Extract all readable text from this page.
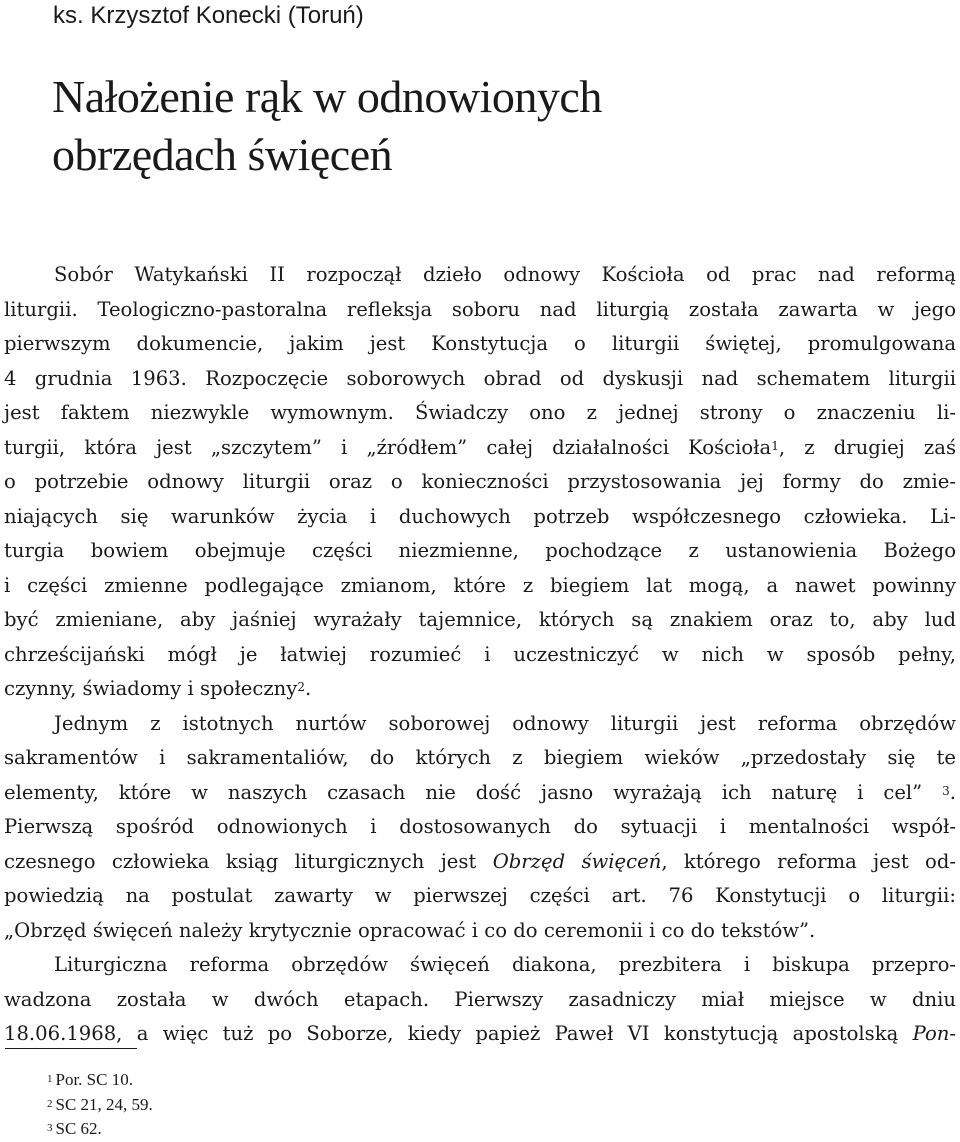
ks. Krzysztof Konecki (Toruń)
Nałożenie rąk w odnowionych
obrzędach święceń
Sobór Watykański II rozpoczął dzieło odnowy Kościoła od prac nad reformą
liturgii. Teologiczno-pastoralna refleksja soboru nad liturgią została zawarta w jego
pierwszym dokumencie, jakim jest Konstytucja o liturgii świętej, promulgowana
4 grudnia 1963. Rozpoczęcie soborowych obrad od dyskusji nad schematem liturgii
jest faktem niezwykle wymownym. Świadczy ono z jednej strony o znaczeniu li-
turgii, która jest „szczytem” i „źródłem” całej działalności Kościoła$^1$, z drugiej zaś
o potrzebie odnowy liturgii oraz o konieczności przystosowania jej formy do zmie-
niających się warunków życia i duchowych potrzeb współczesnego człowieka. Li-
turgia bowiem obejmuje części niezmienne, pochodzące z ustanowienia Bożego
i części zmienne podlegające zmianom, które z biegiem lat mogą, a nawet powinny
być zmieniane, aby jaśniej wyrażały tajemnice, których są znakiem oraz to, aby lud
chrześcijański mógł je łatwiej rozumieć i uczestniczyć w nich w sposób pełny,
czynny, świadomy i społeczny$^2$.
Jednym z istotnych nurtów soborowej odnowy liturgii jest reforma obrzędów
sakramentów i sakramentaliów, do których z biegiem wieków „przedostały się te
elementy, które w naszych czasach nie dość jasno wyrażają ich naturę i cel” $^3$.
Pierwszą spośród odnowionych i dostosowanych do sytuacji i mentalności współ-
czesnego człowieka ksiąg liturgicznych jest Obrzęd święceń, którego reforma jest od-
powiedzią na postulat zawarty w pierwszej części art. 76 Konstytucji o liturgii:
„Obrzęd święceń należy krytycznie opracować i co do ceremonii i co do tekstów”.
Liturgiczna reforma obrzędów święceń diakona, prezbitera i biskupa przepro-
wadzona została w dwóch etapach. Pierwszy zasadniczy miał miejsce w dniu
18.06.1968, a więc tuż po Soborze, kiedy papież Paweł VI konstytucją apostolską Pon-
$^1$ Por. SC 10.
$^2$ SC 21, 24, 59.
$^3$ SC 62.
